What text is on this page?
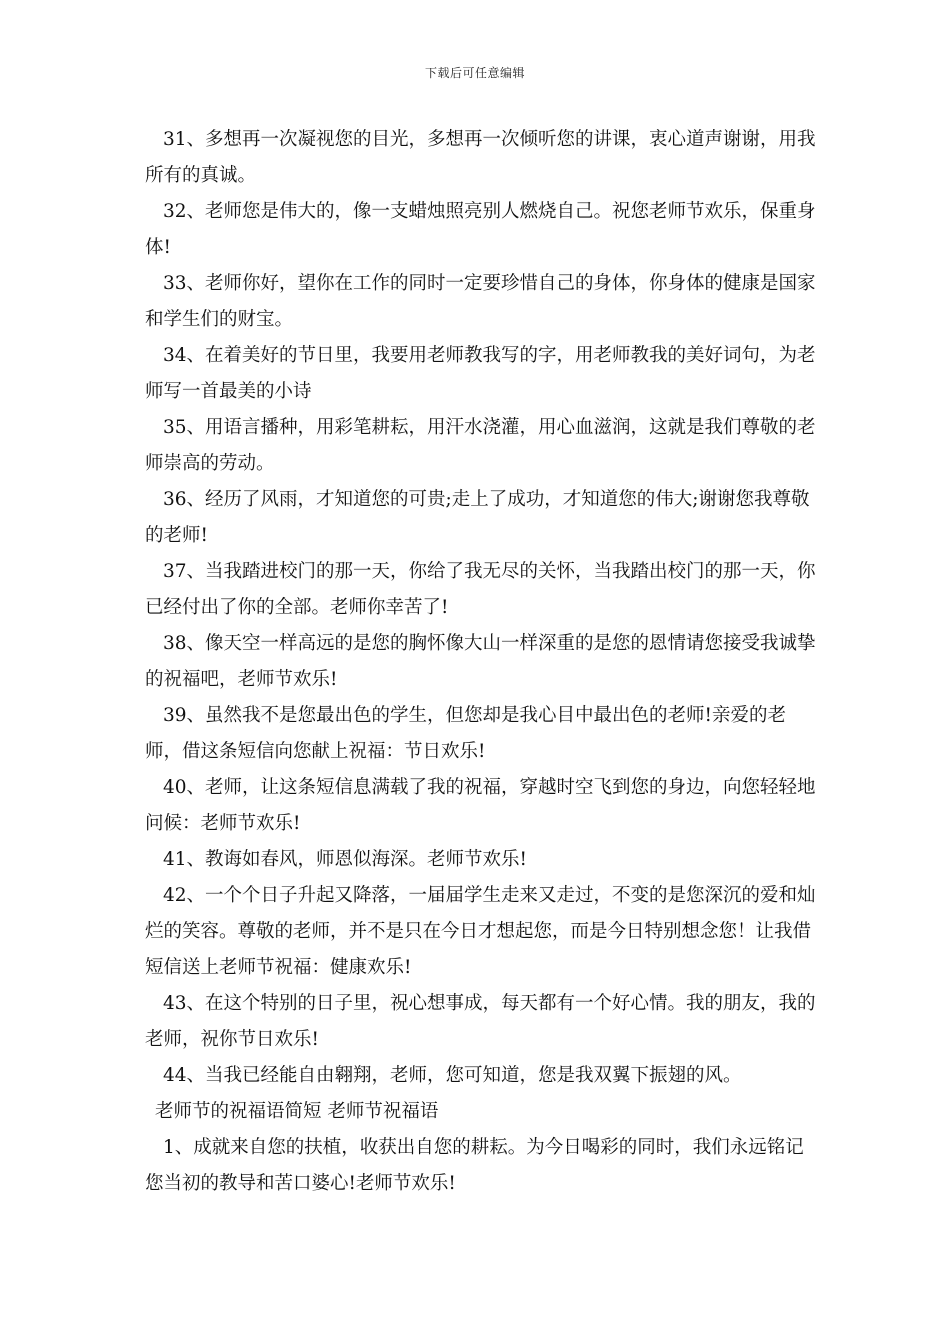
下载后可任意编辑

31、多想再一次凝视您的目光，多想再一次倾听您的讲课，衷心道声谢谢，用我所有的真诚。

32、老师您是伟大的，像一支蜡烛照亮别人燃烧自己。祝您老师节欢乐，保重身体!

33、老师你好，望你在工作的同时一定要珍惜自己的身体，你身体的健康是国家和学生们的财宝。

34、在着美好的节日里，我要用老师教我写的字，用老师教我的美好词句，为老师写一首最美的小诗

35、用语言播种，用彩笔耕耘，用汗水浇灌，用心血滋润，这就是我们尊敬的老师崇高的劳动。

36、经历了风雨，才知道您的可贵;走上了成功，才知道您的伟大;谢谢您我尊敬的老师!

37、当我踏进校门的那一天，你给了我无尽的关怀，当我踏出校门的那一天，你已经付出了你的全部。老师你幸苦了!

38、像天空一样高远的是您的胸怀像大山一样深重的是您的恩情请您接受我诚挚的祝福吧，老师节欢乐!

39、虽然我不是您最出色的学生，但您却是我心目中最出色的老师!亲爱的老师，借这条短信向您献上祝福：节日欢乐!

40、老师，让这条短信息满载了我的祝福，穿越时空飞到您的身边，向您轻轻地问候：老师节欢乐!

41、教诲如春风，师恩似海深。老师节欢乐!

42、一个个日子升起又降落，一届届学生走来又走过，不变的是您深沉的爱和灿烂的笑容。尊敬的老师，并不是只在今日才想起您，而是今日特别想念您！让我借短信送上老师节祝福：健康欢乐!

43、在这个特别的日子里，祝心想事成，每天都有一个好心情。我的朋友，我的老师，祝你节日欢乐!

44、当我已经能自由翱翔，老师，您可知道，您是我双翼下振翅的风。

老师节的祝福语简短 老师节祝福语

1、成就来自您的扶植，收获出自您的耕耘。为今日喝彩的同时，我们永远铭记您当初的教导和苦口婆心!老师节欢乐!
